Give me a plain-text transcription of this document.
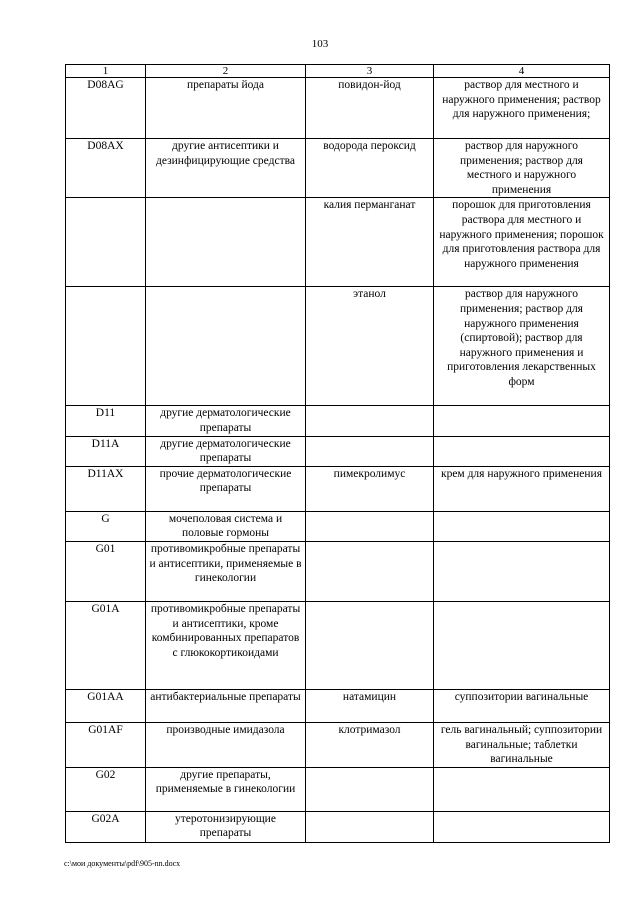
103
1	2	3	4
D08AG	препараты йода	повидон-йод	раствор для местного и наружного применения; раствор для наружного применения;
D08AX	другие антисептики и дезинфицирующие средства	водорода пероксид	раствор для наружного применения; раствор для местного и наружного применения
		калия перманганат	порошок для приготовления раствора для местного и наружного применения; порошок для приготовления раствора для наружного применения
		этанол	раствор для наружного применения; раствор для наружного применения (спиртовой); раствор для наружного применения и приготовления лекарственных форм
D11	другие дерматологические препараты		
D11A	другие дерматологические препараты		
D11AX	прочие дерматологические препараты	пимекролимус	крем для наружного применения
G	мочеполовая система и половые гормоны		
G01	противомикробные препараты и антисептики, применяемые в гинекологии		
G01A	противомикробные препараты и антисептики, кроме комбинированных препаратов с глюкокортикоидами		
G01AA	антибактериальные препараты	натамицин	суппозитории вагинальные
G01AF	производные имидазола	клотримазол	гель вагинальный; суппозитории вагинальные; таблетки вагинальные
G02	другие препараты, применяемые в гинекологии		
G02A	утеротонизирующие препараты		
c:\мои документы\pdf\905-nn.docx
